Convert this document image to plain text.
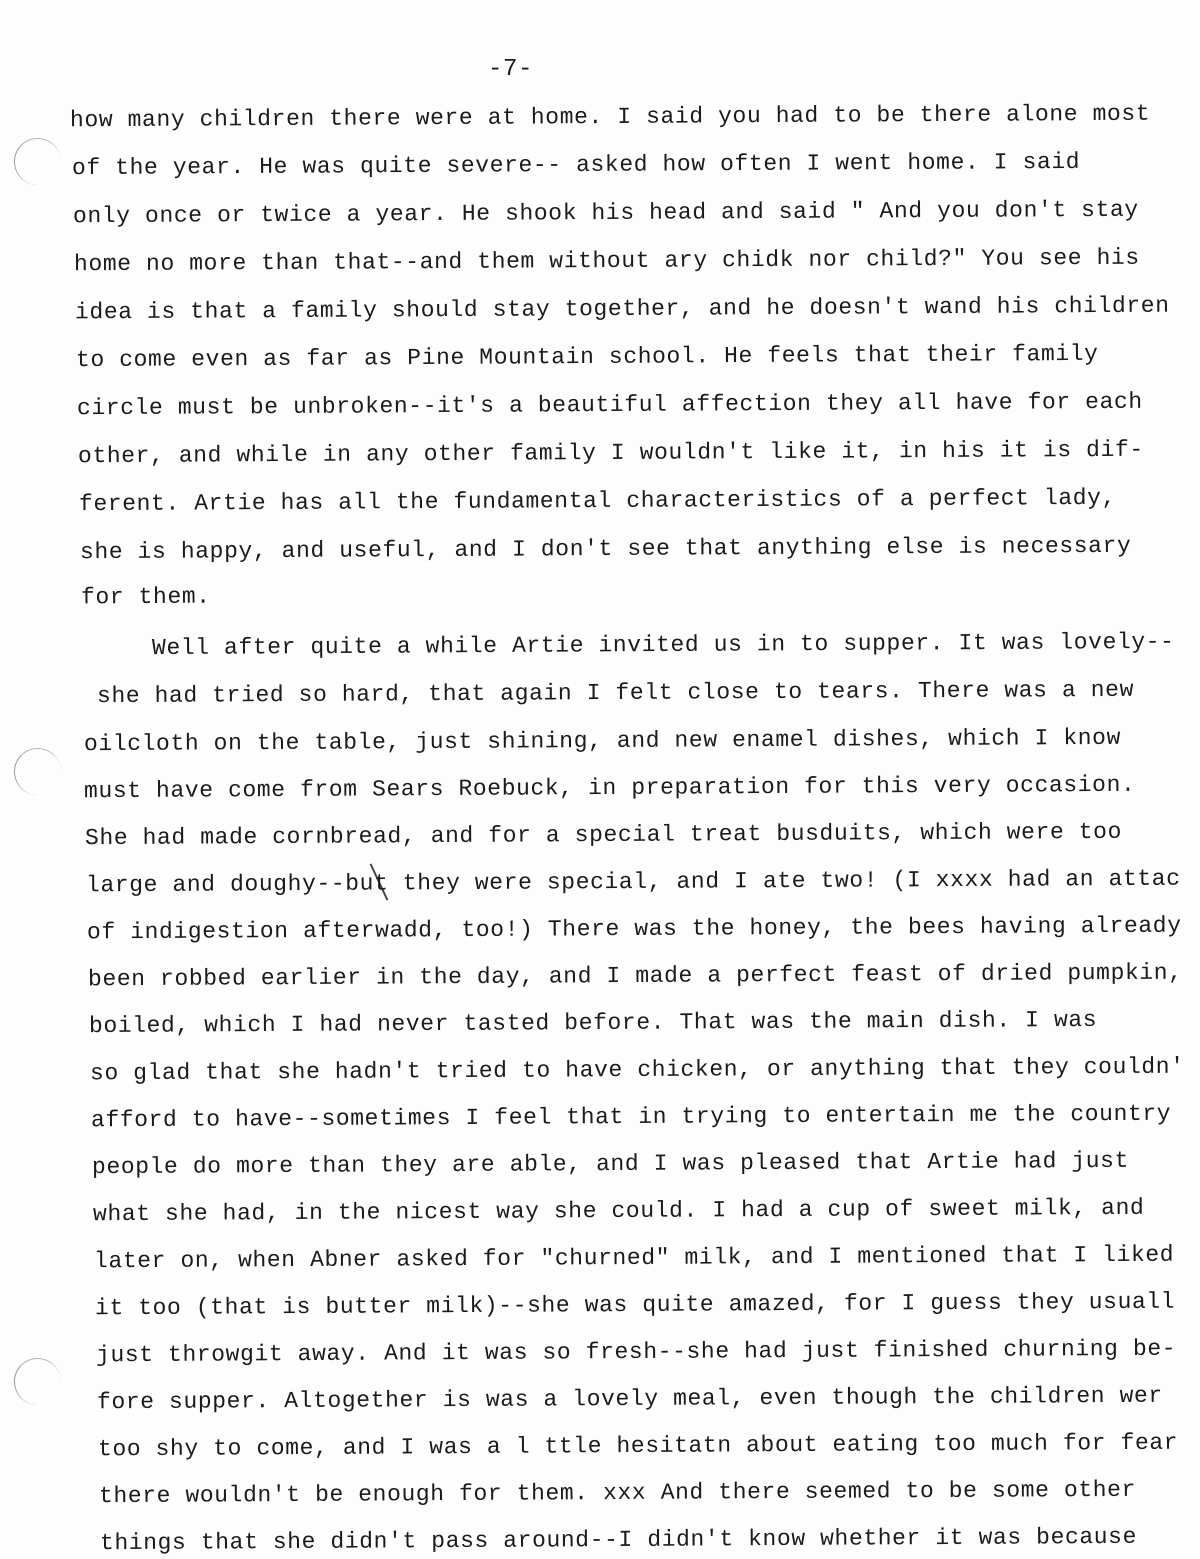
-7-

how many children there were at home. I said you had to be there alone most

of the year. He was quite severe-- asked how often I went home. I said

only once or twice a year. He shook his head and said " And you don't stay

home no more than that--and them without ary chidk nor child?" You see his

idea is that a family should stay together, and he doesn't wand his children

to come even as far as Pine Mountain school. He feels that their family

circle must be unbroken--it's a beautiful affection they all have for each

other, and while in any other family I wouldn't like it, in his it is dif-

ferent. Artie has all the fundamental characteristics of a perfect lady,

she is happy, and useful, and I don't see that anything else is necessary

for them.

Well after quite a while Artie invited us in to supper. It was lovely--

she had tried so hard, that again I felt close to tears. There was a new

oilcloth on the table, just shining, and new enamel dishes, which I know

must have come from Sears Roebuck, in preparation for this very occasion.

She had made cornbread, and for a special treat busduits, which were too

large and doughy--but they were special, and I ate two! (I xxxx had an attac

of indigestion afterwadd, too!) There was the honey, the bees having already

been robbed earlier in the day, and I made a perfect feast of dried pumpkin,

boiled, which I had never tasted before. That was the main dish. I was

so glad that she hadn't tried to have chicken, or anything that they couldn'

afford to have--sometimes I feel that in trying to entertain me the country

people do more than they are able, and I was pleased that Artie had just

what she had, in the nicest way she could. I had a cup of sweet milk, and

later on, when Abner asked for "churned" milk, and I mentioned that I liked

it too (that is butter milk)--she was quite amazed, for I guess they usuall

just throwgit away. And it was so fresh--she had just finished churning be-

fore supper. Altogether is was a lovely meal, even though the children wer

too shy to come, and I was a l ttle hesitatn about eating too much for fear

there wouldn't be enough for them. xxx And there seemed to be some other

things that she didn't pass around--I didn't know whether it was because
